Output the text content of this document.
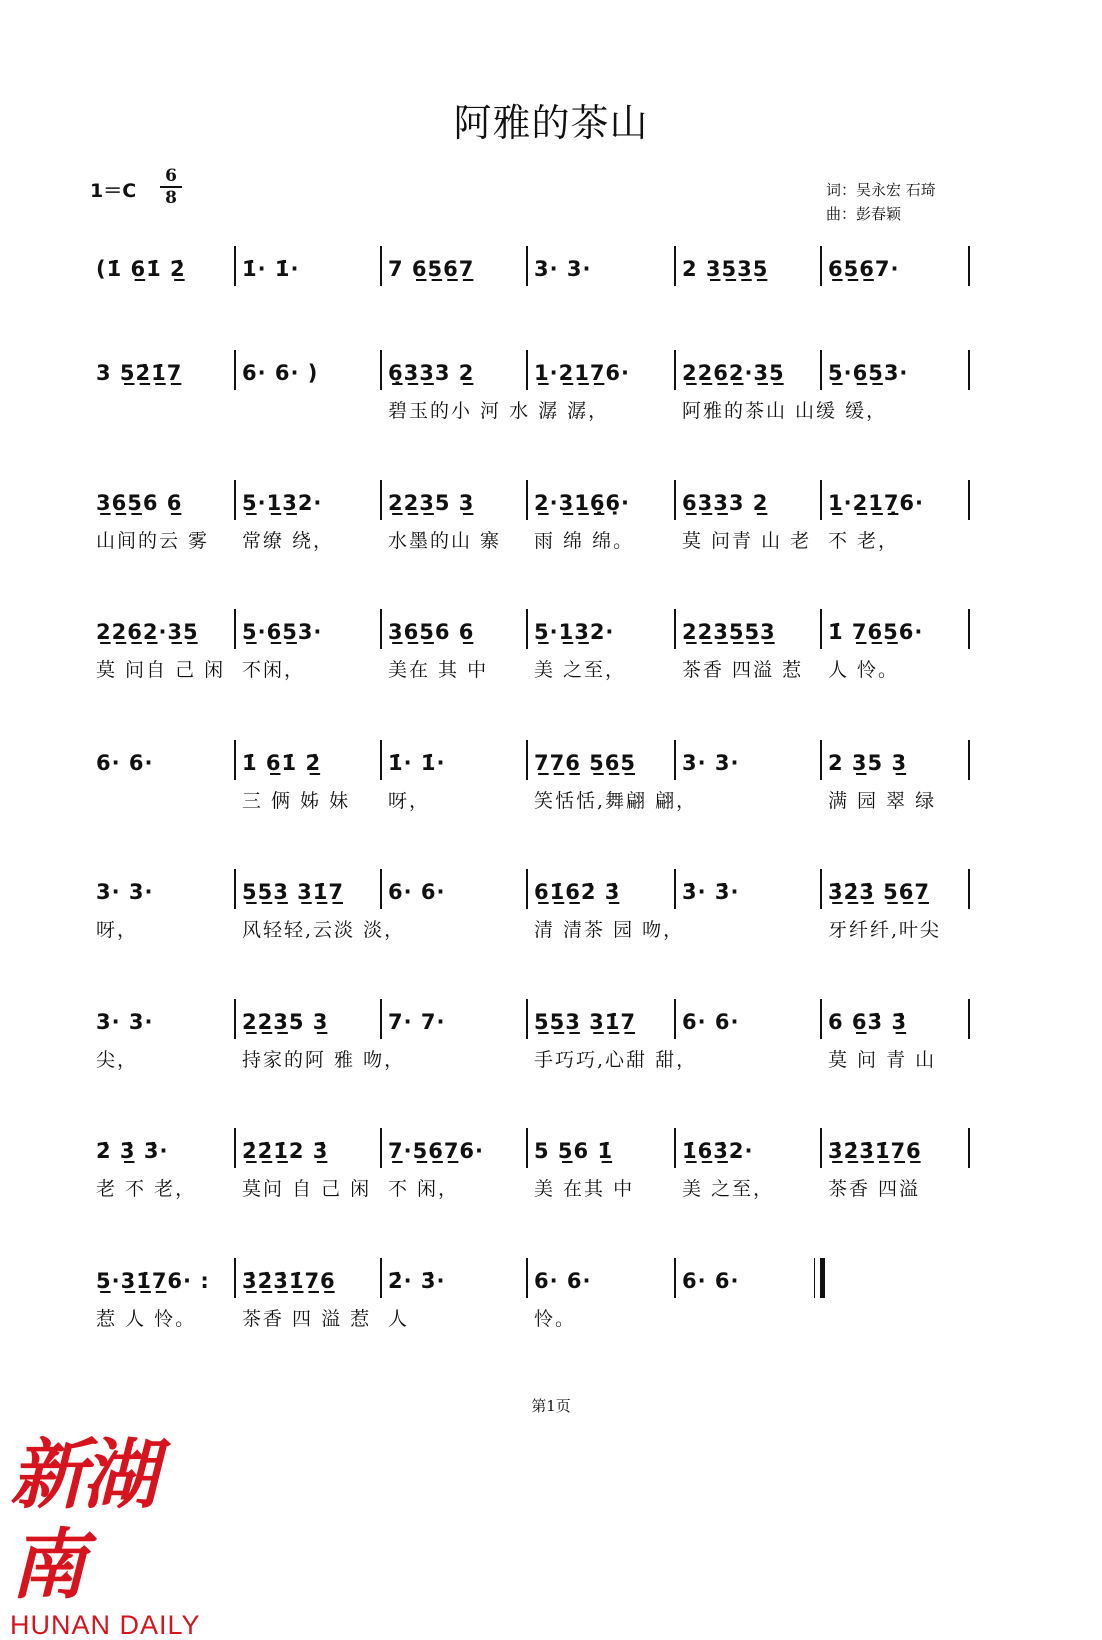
阿雅的茶山
$1=C \frac{6}{8}$	词：吴永宏 石琦
曲：彭春颖
(1̇ 6̲1̇ 2̲̇	1̇· 1̇·	7 6̲5̲6̲7̲	3· 3·	2 3̲5̲3̲5̲	6̲5̲6̲7·
3 5̲2̲̇1̲̇7̲	6· 6· )	6̣̲3̲3̲3 2̲
碧玉的小 河 水 潺 潺，
1̲·2̲1̲7̲6·	2̲2̲6̲2̲·3̲5̲
阿雅的茶山 山缓 缓，
5̲·6̲5̲3·
3̲6̲5̲6 6̲
山间的云 雾
5̲·1̲3̲2·
常缭 绕，
2̲2̲3̲5 3̲
水墨的山 寨
2̲·3̲1̲6̣̲6̣·
雨 绵 绵。
6̲3̲3̲3 2̲
莫 问青 山 老
1̲·2̲1̲7̣̲6·
不 老，
2̲2̲6̲2̲·3̲5̲
莫 问自 己 闲
5̲·6̲5̲3·
不闲，
3̲6̲5̲6 6̲
美在 其 中
5̲·1̲3̲2·
美 之至，
2̲2̲3̲5̲5̲3̲
茶香 四溢 惹
1̇ 7̲6̲5̲6·
人 怜。
6· 6·	1̇ 6̲1̇ 2̲̇
三 俩 姊 妹
1̇· 1̇·
呀，
7̲7̲6̲ 5̲6̲5̲
笑恬恬,舞翩 翩，
3· 3·	2 3̲5 3̲
满 园 翠 绿
3· 3·
呀，
5̲5̲3̲ 3̲1̲̇7̲
风轻轻,云淡 淡，
6· 6·	6̲1̲̇6̲2̇ 3̲̇
清 清茶 园 吻，
3̇· 3̇·	3̲̇2̲̇3̲̇ 5̲6̲7̲
牙纤纤,叶尖
3· 3·
尖，
2̲2̲3̲5 3̲
持家的阿 雅 吻，
7· 7·	5̲5̲3̲ 3̲1̲̇7̲
手巧巧,心甜 甜，
6· 6·	6 6̲3̇ 3̲̇
莫 问 青 山
2̇ 3̲̇ 3̇·
老 不 老，
2̲̇2̲̇1̲̇2 3̲̇
莫问 自 己 闲
7̲·5̲6̲7̲6·
不 闲，
5 5̲6 1̲̇
美 在其 中
1̲̇6̲3̲̇2·
美 之至，
3̲̇2̲̇3̲̇1̲̇7̲6̲
茶香 四溢
5̲·3̲1̲̇7̲6· :
惹 人 怜。
3̲̇2̲̇3̲̇1̲̇7̲6̲
茶香 四 溢 惹
2̇· 3̇·
人
6· 6·
怜。
6· 6·
第1页
新湖南
HUNAN DAILY
